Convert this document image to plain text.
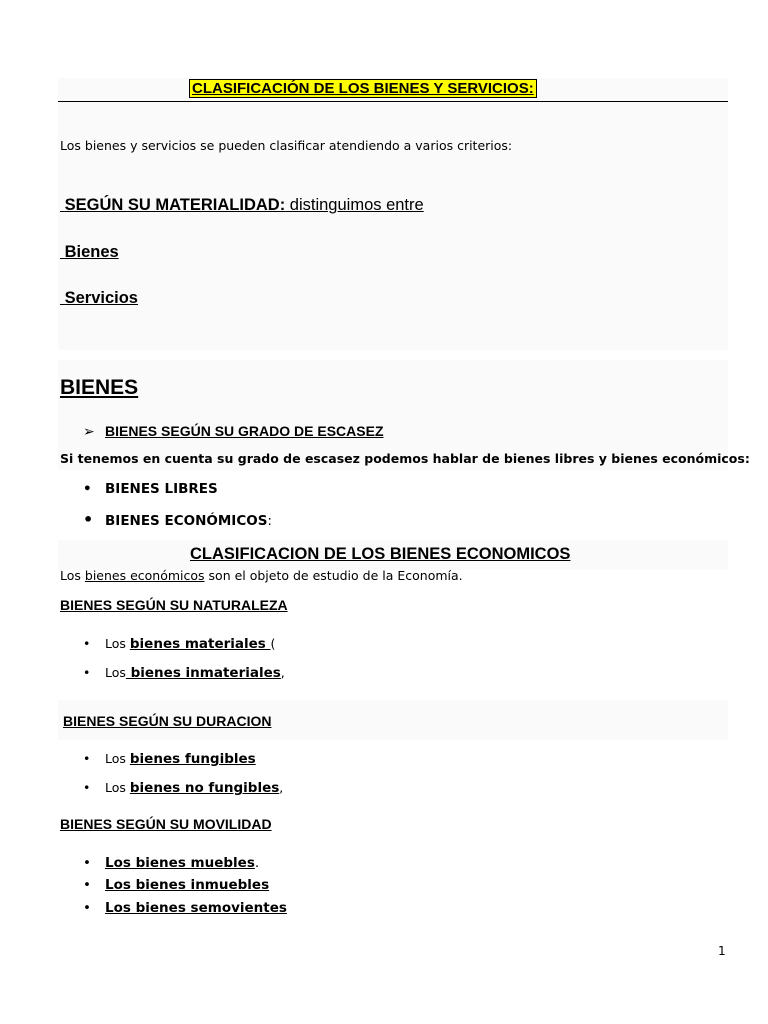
CLASIFICACIÓN DE LOS BIENES Y SERVICIOS:
Los bienes y servicios se pueden clasificar atendiendo a varios criterios:
SEGÚN SU MATERIALIDAD: distinguimos entre
Bienes
Servicios
BIENES
➢ BIENES SEGÚN SU GRADO DE ESCASEZ
Si tenemos en cuenta su grado de escasez podemos hablar de bienes libres y bienes económicos:
• BIENES LIBRES
• BIENES ECONÓMICOS:
CLASIFICACION DE LOS BIENES ECONOMICOS
Los bienes económicos son el objeto de estudio de la Economía.
BIENES SEGÚN SU NATURALEZA
• Los bienes materiales (
• Los bienes inmateriales,
BIENES SEGÚN SU DURACION
• Los bienes fungibles
• Los bienes no fungibles,
BIENES SEGÚN SU MOVILIDAD
• Los bienes muebles.
• Los bienes inmuebles
• Los bienes semovientes
1
